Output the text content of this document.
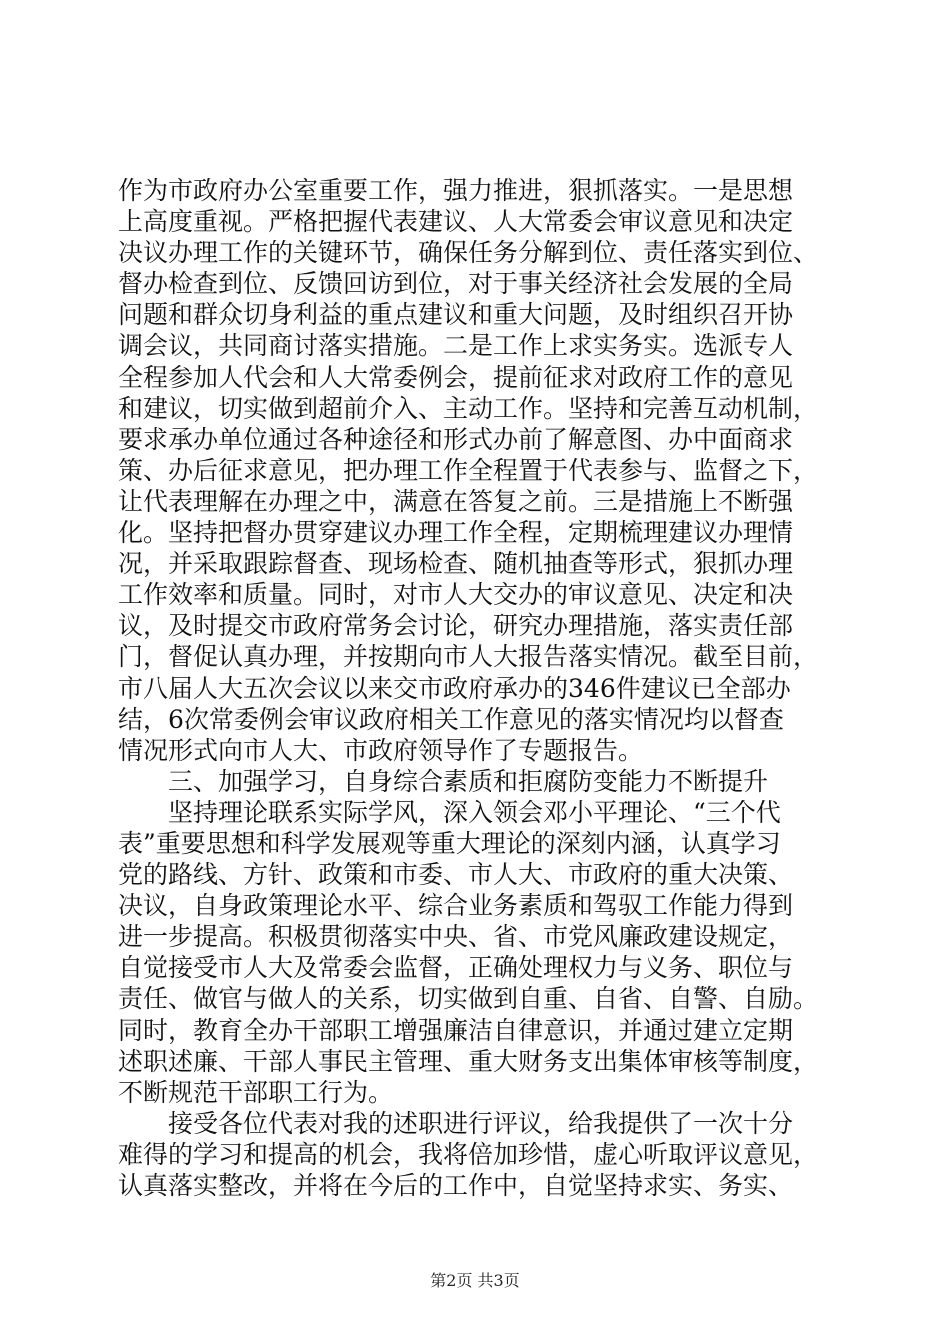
作为市政府办公室重要工作，强力推进，狠抓落实。一是思想
上高度重视。严格把握代表建议、人大常委会审议意见和决定
决议办理工作的关键环节，确保任务分解到位、责任落实到位、
督办检查到位、反馈回访到位，对于事关经济社会发展的全局
问题和群众切身利益的重点建议和重大问题，及时组织召开协
调会议，共同商讨落实措施。二是工作上求实务实。选派专人
全程参加人代会和人大常委例会，提前征求对政府工作的意见
和建议，切实做到超前介入、主动工作。坚持和完善互动机制，
要求承办单位通过各种途径和形式办前了解意图、办中面商求
策、办后征求意见，把办理工作全程置于代表参与、监督之下，
让代表理解在办理之中，满意在答复之前。三是措施上不断强
化。坚持把督办贯穿建议办理工作全程，定期梳理建议办理情
况，并采取跟踪督查、现场检查、随机抽查等形式，狠抓办理
工作效率和质量。同时，对市人大交办的审议意见、决定和决
议，及时提交市政府常务会讨论，研究办理措施，落实责任部
门，督促认真办理，并按期向市人大报告落实情况。截至目前，
市八届人大五次会议以来交市政府承办的346件建议已全部办
结，6次常委例会审议政府相关工作意见的落实情况均以督查
情况形式向市人大、市政府领导作了专题报告。
三、加强学习，自身综合素质和拒腐防变能力不断提升
坚持理论联系实际学风，深入领会邓小平理论、“三个代
表”重要思想和科学发展观等重大理论的深刻内涵，认真学习
党的路线、方针、政策和市委、市人大、市政府的重大决策、
决议，自身政策理论水平、综合业务素质和驾驭工作能力得到
进一步提高。积极贯彻落实中央、省、市党风廉政建设规定，
自觉接受市人大及常委会监督，正确处理权力与义务、职位与
责任、做官与做人的关系，切实做到自重、自省、自警、自励。
同时，教育全办干部职工增强廉洁自律意识，并通过建立定期
述职述廉、干部人事民主管理、重大财务支出集体审核等制度，
不断规范干部职工行为。
接受各位代表对我的述职进行评议，给我提供了一次十分
难得的学习和提高的机会，我将倍加珍惜，虚心听取评议意见，
认真落实整改，并将在今后的工作中，自觉坚持求实、务实、
第2页 共3页
